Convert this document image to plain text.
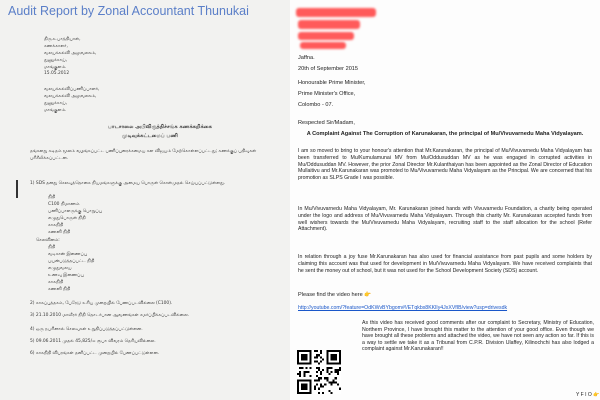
Audit Report by Zonal Accountant Thunukai
திரு.உபாத்தியாள்,
கணக்காளர்,
வலயக்கல்வி அலுவலகம்,
துணுக்காய்,
மாங்குளம்.
15.05.2012
வலயக்கல்விப்பணிப்பாளர்,
வலயக்கல்வி அலுவலகம்,
துணுக்காய்,
மாங்குளம்.
பாடசாலை அபிவிருத்திச்சங்க கணக்கறிக்கை
முடிவுக்கட்டமைப் பணி
தங்களது கடிதம் மூலம் வழங்கப்பட்ட பணிப்புரைக்கமைய கள விஜயம் மேற்கொள்ளப்பட்டது; கணக்குப் பதிவுகள் பரிசீலிக்கப்பட்டன.
1) SDS தனது செலவுத்தொகை நியமங்களுக்கு அமைய பொருள் கொள்முதல் செய்யப்பட்டுள்ளது.
நிதி
C100 நிமாணம்
பணிப்பாளருக்கு பொறுப்பு
எழுதுபொருள் நிதி
காசுநிதி
கணனி நிதி
செலவினம்:
நிதி
வடிகான் இணைப்பு
பயன்படுத்தப்பட்ட நிதி
எழுதுவலய
உணவு இணைப்பு
காசுநிதி
கணனி நிதி
2) காசுப்புத்தகம், பேரேடு உரிய முறையில் பேணப்படவில்லை (C100).
3) 21.10.2010 மாவீரர் நிதி தொடர்பான ஆவணங்கள் சமர்ப்பிக்கப்படவில்லை.
4) ஒரு நபரினால் செலவுகள் உறுதிப்படுத்தப்பட்டுள்ளன.
5) 09.06.2011 முதல் 45,825/= ரூபா விவரம் தெரியவில்லை.
6) காசுநிதி விபரங்கள் தனிப்பட்ட முறையில் பேணப்பட்டுள்ளன.
Jaffna.
20th of September 2015
Honourable Prime Minister,
Prime Minister's Office,
Colombo - 07.
Respected Sir/Madam,
A Complaint Against The Corruption of Karunakaran, the principal of Mu/Vivuvarnedu Maha Vidyalayam.
I am so moved to bring to your honour's attention that Mr.Karunakaran, the principal of Mu/Vivuvarnedu Maha Vidyalayam has been transferred to Mu/Kumulamunai MV from Mu/Oddusuddan MV as he was engaged in corrupted activities in Mu/Oddusuddan MV. However, the prior Zonal Director Mr.Kulanthaiyan has been appointed as the Zonal Director of Education Mullaitivu and Mr.Karunakaran was promoted to Mu/Vivuvarnedu Maha Vidyalayam as the Principal. We are concerned that his promotion as SLPS Grade I was possible.
In Mu/Vivuvarnedu Maha Vidyalayam, Mr. Karunakaran joined hands with Vivuvarnedu Foundation, a charity being operated under the logo and address of Mu/Vivuvarnedu Maha Vidyalayam. Through this charity Mr. Karunakaran accepted funds from well wishers towards the Mu/Vivuvarnedu Maha Vidyalayam, recruiting staff to the staff allocation for the school (Refer Attachment).
In relation through a joy fuse Mr.Karunakaran has also used for financial assistance from past pupils and some holders by claiming this account was that used for development in Mu/Vivuvarnedu Maha Vidyalayam. We have received complaints that he sent the money out of school, but it was not used for the School Development Society (SDS) account.
Please find the video here 👉
http://youtube.com/?feature=OdKWvBYbgom#!/ETqkbx8KKlIy4JxXVfIB/view?usp=drivesdk
As this video has received good comments after our complaint to Secretary, Ministry of Education, Northern Province, I have brought this matter to the attention of your good office. Even though we have brought all these problems and attached the video, we have not seen any action so far. If this is a way to settle we take it as a Tribunal from C.P.R. Division Ulaffey, Kilinochchi has also lodged a complaint against Mr.Karunakaran!!
Y F I O 👉
